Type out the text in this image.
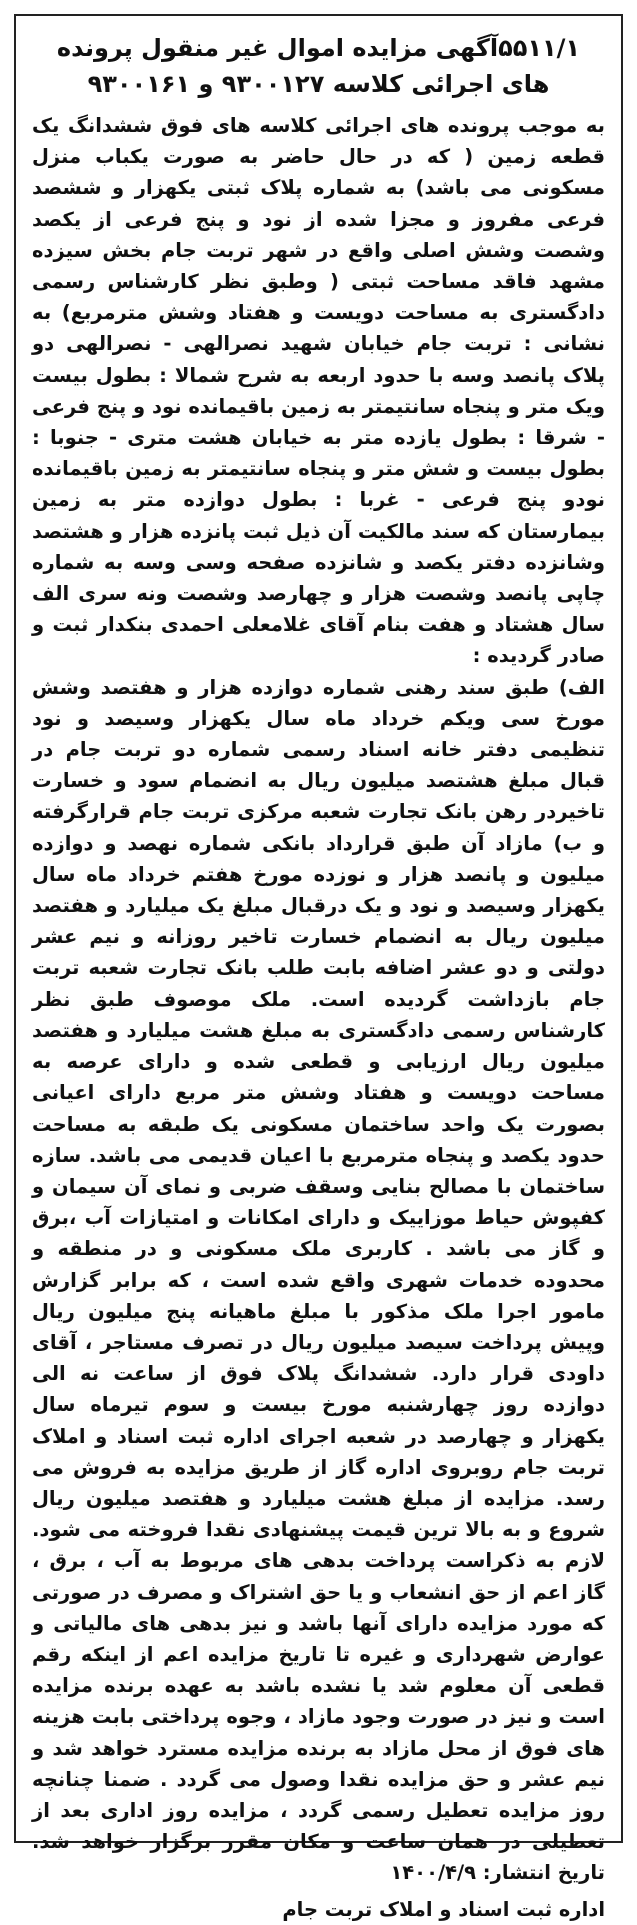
۵۵۱۱/۱آگهی مزایده اموال غیر منقول پرونده های اجرائی کلاسه ۹۳۰۰۱۲۷ و ۹۳۰۰۱۶۱

به موجب پرونده های اجرائی کلاسه های فوق ششدانگ یک قطعه زمین ( که در حال حاضر به صورت یکباب منزل مسکونی می باشد) به شماره پلاک ثبتی یکهزار و ششصد فرعی مفروز و مجزا شده از نود و پنج فرعی از یکصد وشصت وشش اصلی واقع در شهر تربت جام بخش سیزده مشهد فاقد مساحت ثبتی ( وطبق نظر کارشناس رسمی دادگستری به مساحت دویست و هفتاد وشش مترمربع) به نشانی : تربت جام خیابان شهید نصرالهی - نصرالهی دو پلاک پانصد وسه با حدود اربعه به شرح شمالا : بطول بیست ویک متر و پنجاه سانتیمتر به زمین باقیمانده نود و پنج فرعی - شرقا : بطول یازده متر به خیابان هشت متری - جنوبا : بطول بیست و شش متر و پنجاه سانتیمتر به زمین باقیمانده نودو پنج فرعی - غربا : بطول دوازده متر به زمین بیمارستان که سند مالکیت آن ذیل ثبت پانزده هزار و هشتصد وشانزده دفتر یکصد و شانزده صفحه وسی وسه به شماره چاپی پانصد وشصت هزار و چهارصد وشصت ونه سری الف سال هشتاد و هفت بنام آقای غلامعلی احمدی بنکدار ثبت و صادر گردیده :

الف) طبق سند رهنی شماره دوازده هزار و هفتصد وشش مورخ سی ویکم خرداد ماه سال یکهزار وسیصد و نود تنظیمی دفتر خانه اسناد رسمی شماره دو تربت جام در قبال مبلغ هشتصد میلیون ریال به انضمام سود و خسارت تاخیردر رهن بانک تجارت شعبه مرکزی تربت جام قرارگرفته و ب) مازاد آن طبق قرارداد بانکی شماره نهصد و دوازده میلیون و پانصد هزار و نوزده مورخ هفتم خرداد ماه سال یکهزار وسیصد و نود و یک درقبال مبلغ یک میلیارد و هفتصد میلیون ریال به انضمام خسارت تاخیر روزانه و نیم عشر دولتی و دو عشر اضافه بابت طلب بانک تجارت شعبه تربت جام بازداشت گردیده است. ملک موصوف طبق نظر کارشناس رسمی دادگستری به مبلغ هشت میلیارد و هفتصد میلیون ریال ارزیابی و قطعی شده و دارای عرصه به مساحت دویست و هفتاد وشش متر مربع دارای اعیانی بصورت یک واحد ساختمان مسکونی یک طبقه به مساحت حدود یکصد و پنجاه مترمربع با اعیان قدیمی می باشد. سازه ساختمان با مصالح بنایی وسقف ضربی و نمای آن سیمان و کفپوش حیاط موزاییک و دارای امکانات و امتیازات آب ،برق و گاز می باشد . کاربری ملک مسکونی و در منطقه و محدوده خدمات شهری واقع شده است ، که برابر گزارش مامور اجرا ملک مذکور با مبلغ ماهیانه پنج میلیون ریال وپیش پرداخت سیصد میلیون ریال در تصرف مستاجر ، آقای داودی قرار دارد. ششدانگ پلاک فوق از ساعت نه الی دوازده روز چهارشنبه مورخ بیست و سوم تیرماه سال یکهزار و چهارصد در شعبه اجرای اداره ثبت اسناد و املاک تربت جام روبروی اداره گاز از طریق مزایده به فروش می رسد. مزایده از مبلغ هشت میلیارد و هفتصد میلیون ریال شروع و به بالا ترین قیمت پیشنهادی نقدا فروخته می شود. لازم به ذکراست پرداخت بدهی های مربوط به آب ، برق ، گاز اعم از حق انشعاب و یا حق اشتراک و مصرف در صورتی که مورد مزایده دارای آنها باشد و نیز بدهی های مالیاتی و عوارض شهرداری و غیره تا تاریخ مزایده اعم از اینکه رقم قطعی آن معلوم شد یا نشده باشد به عهده برنده مزایده است و نیز در صورت وجود مازاد ، وجوه پرداختی بابت هزینه های فوق از محل مازاد به برنده مزایده مسترد خواهد شد و نیم عشر و حق مزایده نقدا وصول می گردد . ضمنا چنانچه روز مزایده تعطیل رسمی گردد ، مزایده روز اداری بعد از تعطیلی در همان ساعت و مکان مقرر برگزار خواهد شد. تاریخ انتشار: ۱۴۰۰/۴/۹

اداره ثبت اسناد و املاک تربت جام
